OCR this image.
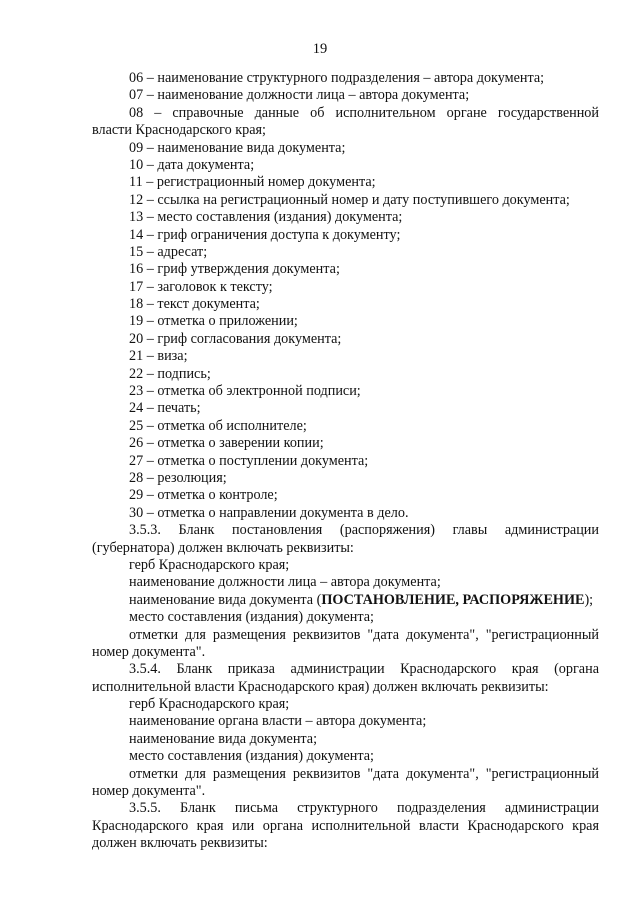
19
06 – наименование структурного подразделения – автора документа;
07 – наименование должности лица – автора документа;
08 – справочные данные об исполнительном органе государственной
власти Краснодарского края;
09 – наименование вида документа;
10 – дата документа;
11 – регистрационный номер документа;
12 – ссылка на регистрационный номер и дату поступившего документа;
13 – место составления (издания) документа;
14 – гриф ограничения доступа к документу;
15 – адресат;
16 – гриф утверждения документа;
17 – заголовок к тексту;
18 – текст документа;
19 – отметка о приложении;
20 – гриф согласования документа;
21 – виза;
22 – подпись;
23 – отметка об электронной подписи;
24 – печать;
25 – отметка об исполнителе;
26 – отметка о заверении копии;
27 – отметка о поступлении документа;
28 – резолюция;
29 – отметка о контроле;
30 – отметка о направлении документа в дело.
3.5.3. Бланк постановления (распоряжения) главы администрации
(губернатора) должен включать реквизиты:
герб Краснодарского края;
наименование должности лица – автора документа;
наименование вида документа (ПОСТАНОВЛЕНИЕ, РАСПОРЯЖЕНИЕ);
место составления (издания) документа;
отметки для размещения реквизитов "дата документа", "регистрационный
номер документа".
3.5.4. Бланк приказа администрации Краснодарского края (органа
исполнительной власти Краснодарского края) должен включать реквизиты:
герб Краснодарского края;
наименование органа власти – автора документа;
наименование вида документа;
место составления (издания) документа;
отметки для размещения реквизитов "дата документа", "регистрационный
номер документа".
3.5.5. Бланк письма структурного подразделения администрации
Краснодарского края или органа исполнительной власти Краснодарского края
должен включать реквизиты:
